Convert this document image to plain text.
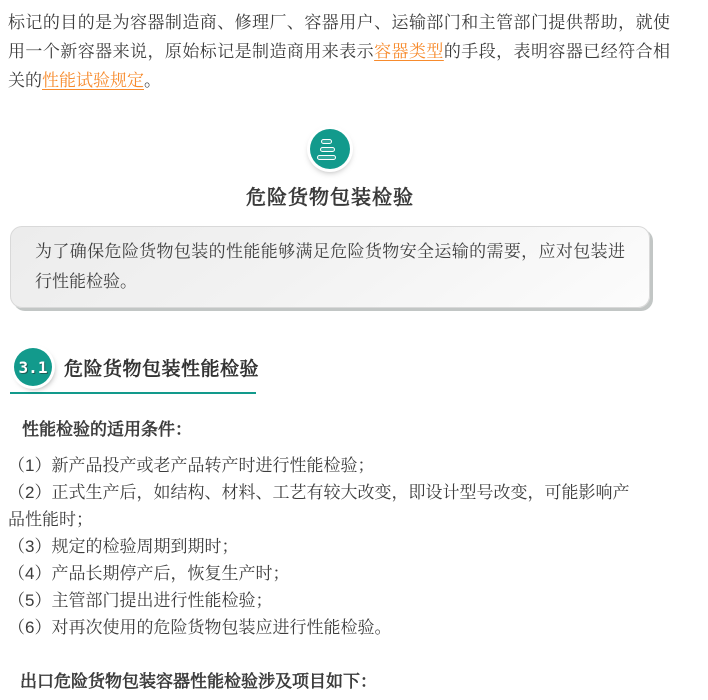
标记的目的是为容器制造商、修理厂、容器用户、运输部门和主管部门提供帮助，就使用一个新容器来说，原始标记是制造商用来表示容器类型的手段，表明容器已经符合相关的性能试验规定。

危险货物包装检验
为了确保危险货物包装的性能能够满足危险货物安全运输的需要，应对包装进行性能检验。
3.1 危险货物包装性能检验

性能检验的适用条件：

（1）新产品投产或老产品转产时进行性能检验；

（2）正式生产后，如结构、材料、工艺有较大改变，即设计型号改变，可能影响产品性能时；

（3）规定的检验周期到期时；

（4）产品长期停产后，恢复生产时；

（5）主管部门提出进行性能检验；

（6）对再次使用的危险货物包装应进行性能检验。

出口危险货物包装容器性能检验涉及项目如下：
